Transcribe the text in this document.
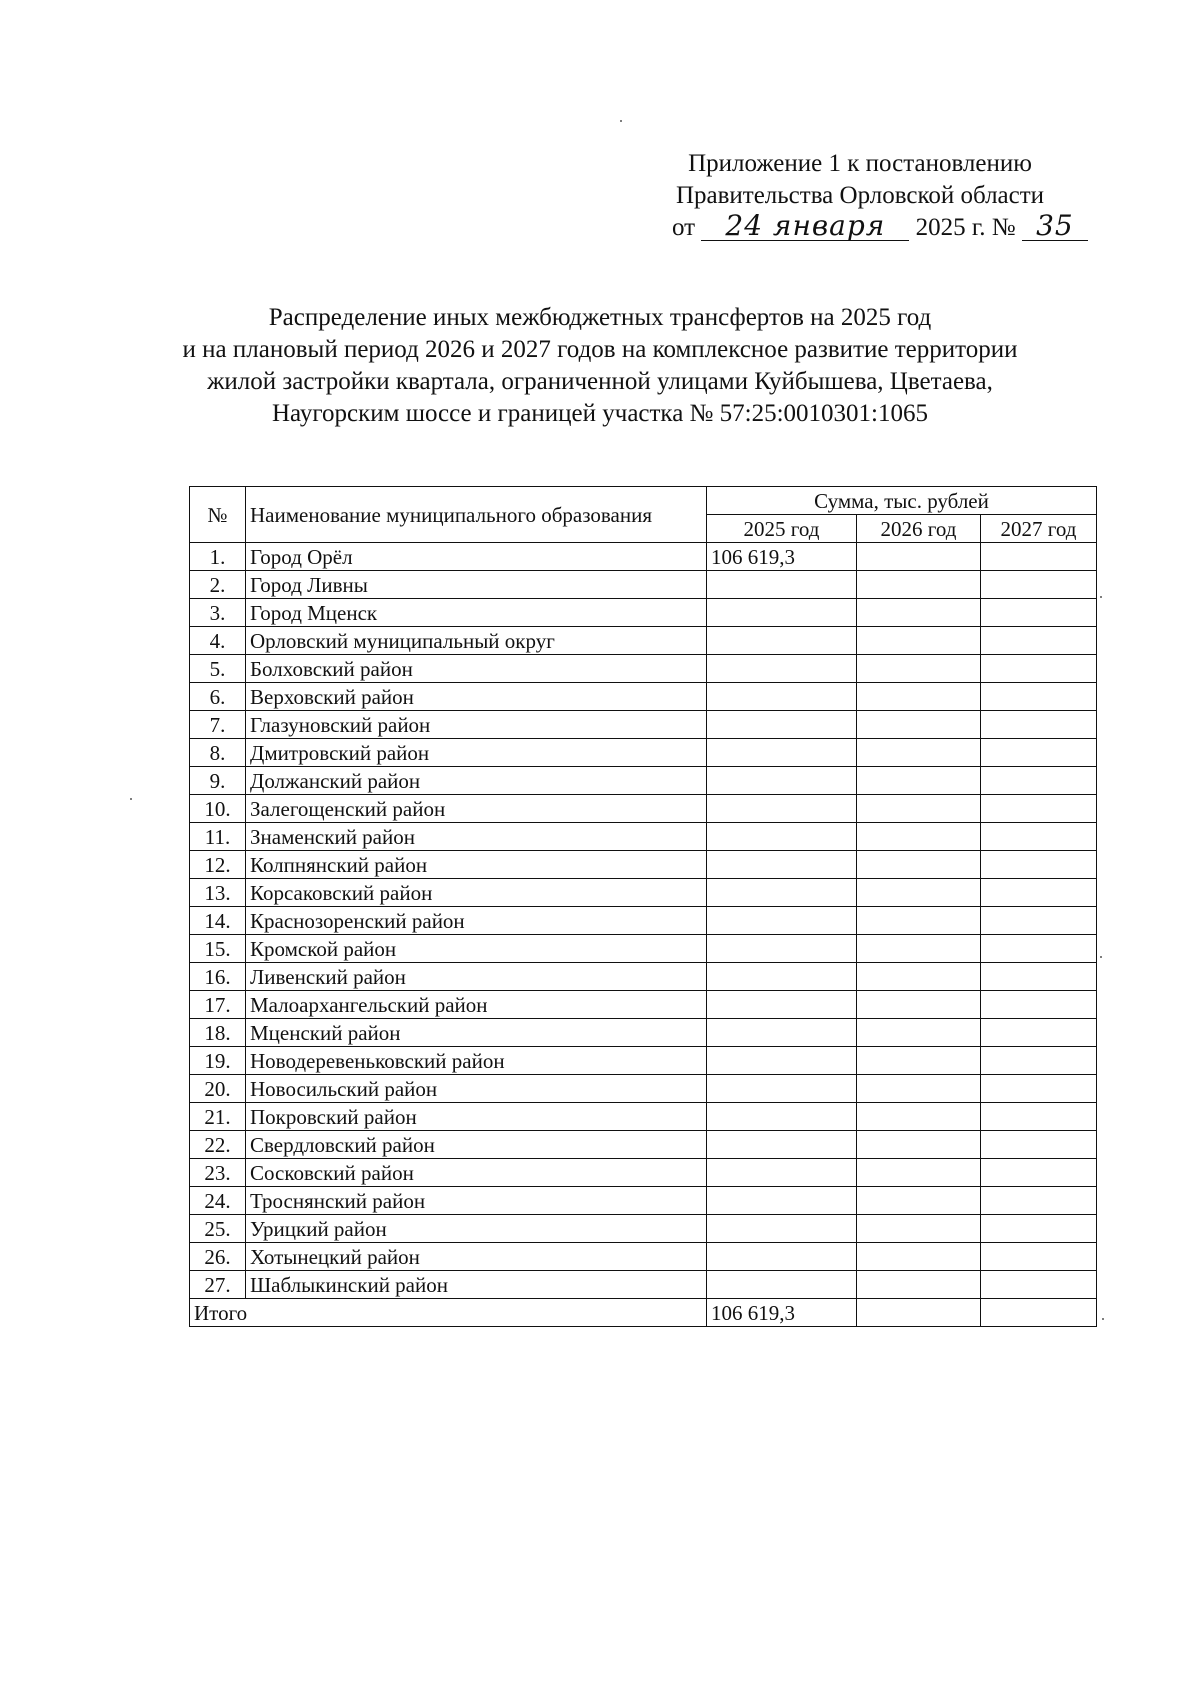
Приложение 1 к постановлению
Правительства Орловской области
от 24 января 2025 г. № 35
Распределение иных межбюджетных трансфертов на 2025 год
и на плановый период 2026 и 2027 годов на комплексное развитие территории
жилой застройки квартала, ограниченной улицами Куйбышева, Цветаева,
Наугорским шоссе и границей участка № 57:25:0010301:1065
№	Наименование муниципального образования	Сумма, тыс. рублей		
		2025 год	2026 год	2027 год
1.	Город Орёл	106 619,3		
2.	Город Ливны			
3.	Город Мценск			
4.	Орловский муниципальный округ			
5.	Болховский район			
6.	Верховский район			
7.	Глазуновский район			
8.	Дмитровский район			
9.	Должанский район			
10.	Залегощенский район			
11.	Знаменский район			
12.	Колпнянский район			
13.	Корсаковский район			
14.	Краснозоренский район			
15.	Кромской район			
16.	Ливенский район			
17.	Малоархангельский район			
18.	Мценский район			
19.	Новодеревеньковский район			
20.	Новосильский район			
21.	Покровский район			
22.	Свердловский район			
23.	Сосковский район			
24.	Троснянский район			
25.	Урицкий район			
26.	Хотынецкий район			
27.	Шаблыкинский район			
Итого		106 619,3		
